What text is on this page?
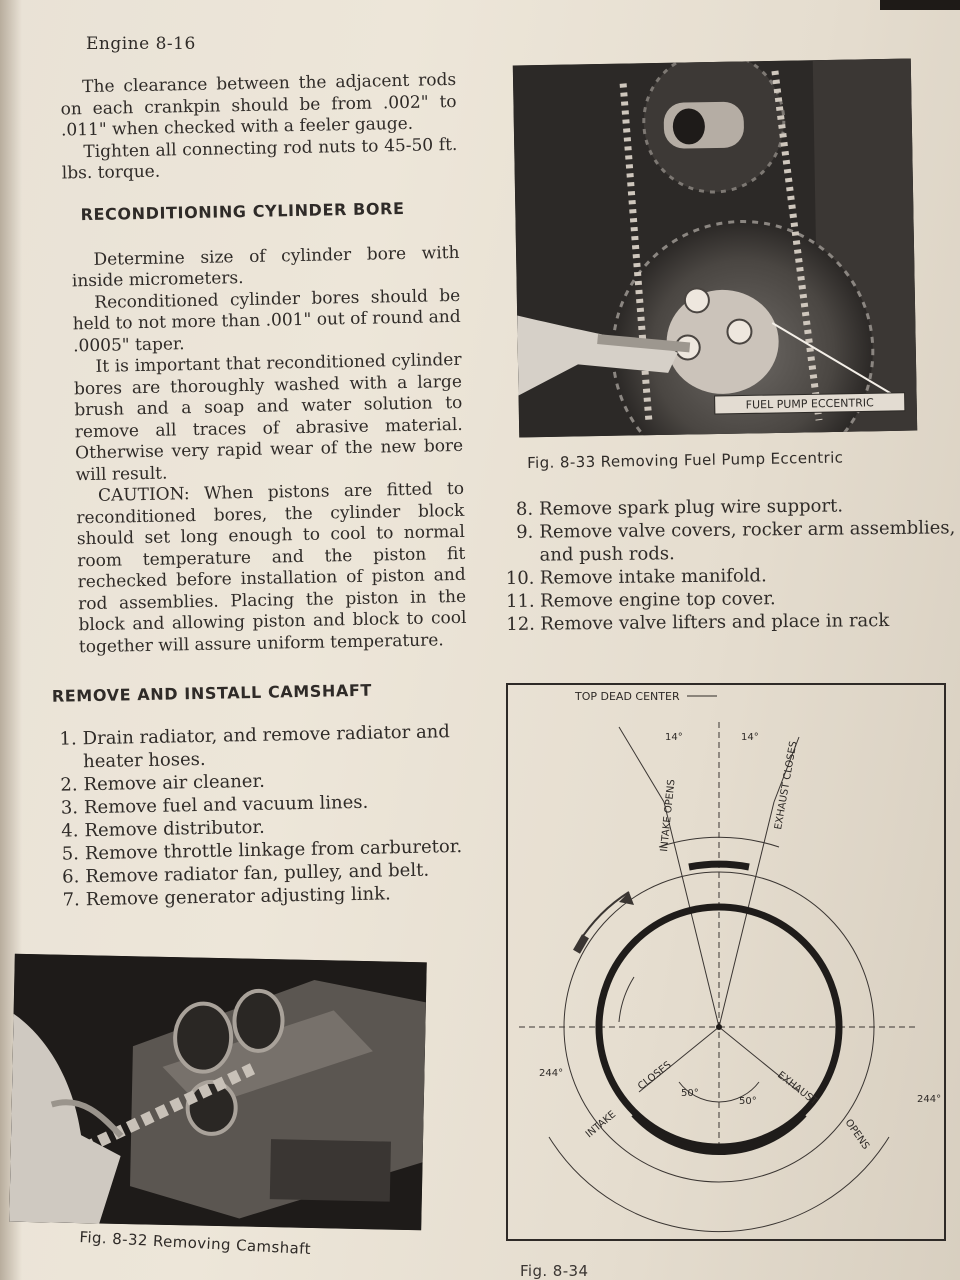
Engine 8-16

The clearance between the adjacent rods on each crankpin should be from .002" to .011" when checked with a feeler gauge.

Tighten all connecting rod nuts to 45-50 ft. lbs. torque.

RECONDITIONING CYLINDER BORE

Determine size of cylinder bore with inside micrometers.

Reconditioned cylinder bores should be held to not more than .001" out of round and .0005" taper.

It is important that reconditioned cylinder bores are thoroughly washed with a large brush and a soap and water solution to remove all traces of abrasive material. Otherwise very rapid wear of the new bore will result.

CAUTION: When pistons are fitted to reconditioned bores, the cylinder block should set long enough to cool to normal room temperature and the piston fit rechecked before installation of piston and rod assemblies. Placing the piston in the block and allowing piston and block to cool together will assure uniform temperature.

REMOVE AND INSTALL CAMSHAFT
1. Drain radiator, and remove radiator and heater hoses.
2. Remove air cleaner.
3. Remove fuel and vacuum lines.
4. Remove distributor.
5. Remove throttle linkage from carburetor.
6. Remove radiator fan, pulley, and belt.
7. Remove generator adjusting link.
FUEL PUMP ECCENTRIC
Fig. 8-33 Removing Fuel Pump Eccentric
8. Remove spark plug wire support.
9. Remove valve covers, rocker arm assemblies, and push rods.
10. Remove intake manifold.
11. Remove engine top cover.
12. Remove valve lifters and place in rack
TOP DEAD CENTER
14°	14°
INTAKE OPENS	EXHAUST CLOSES
244°
244°
CLOSES
50°
50° EXHAUST
INTAKE	OPENS
Fig. 8-32 Removing Camshaft
Fig. 8-34
